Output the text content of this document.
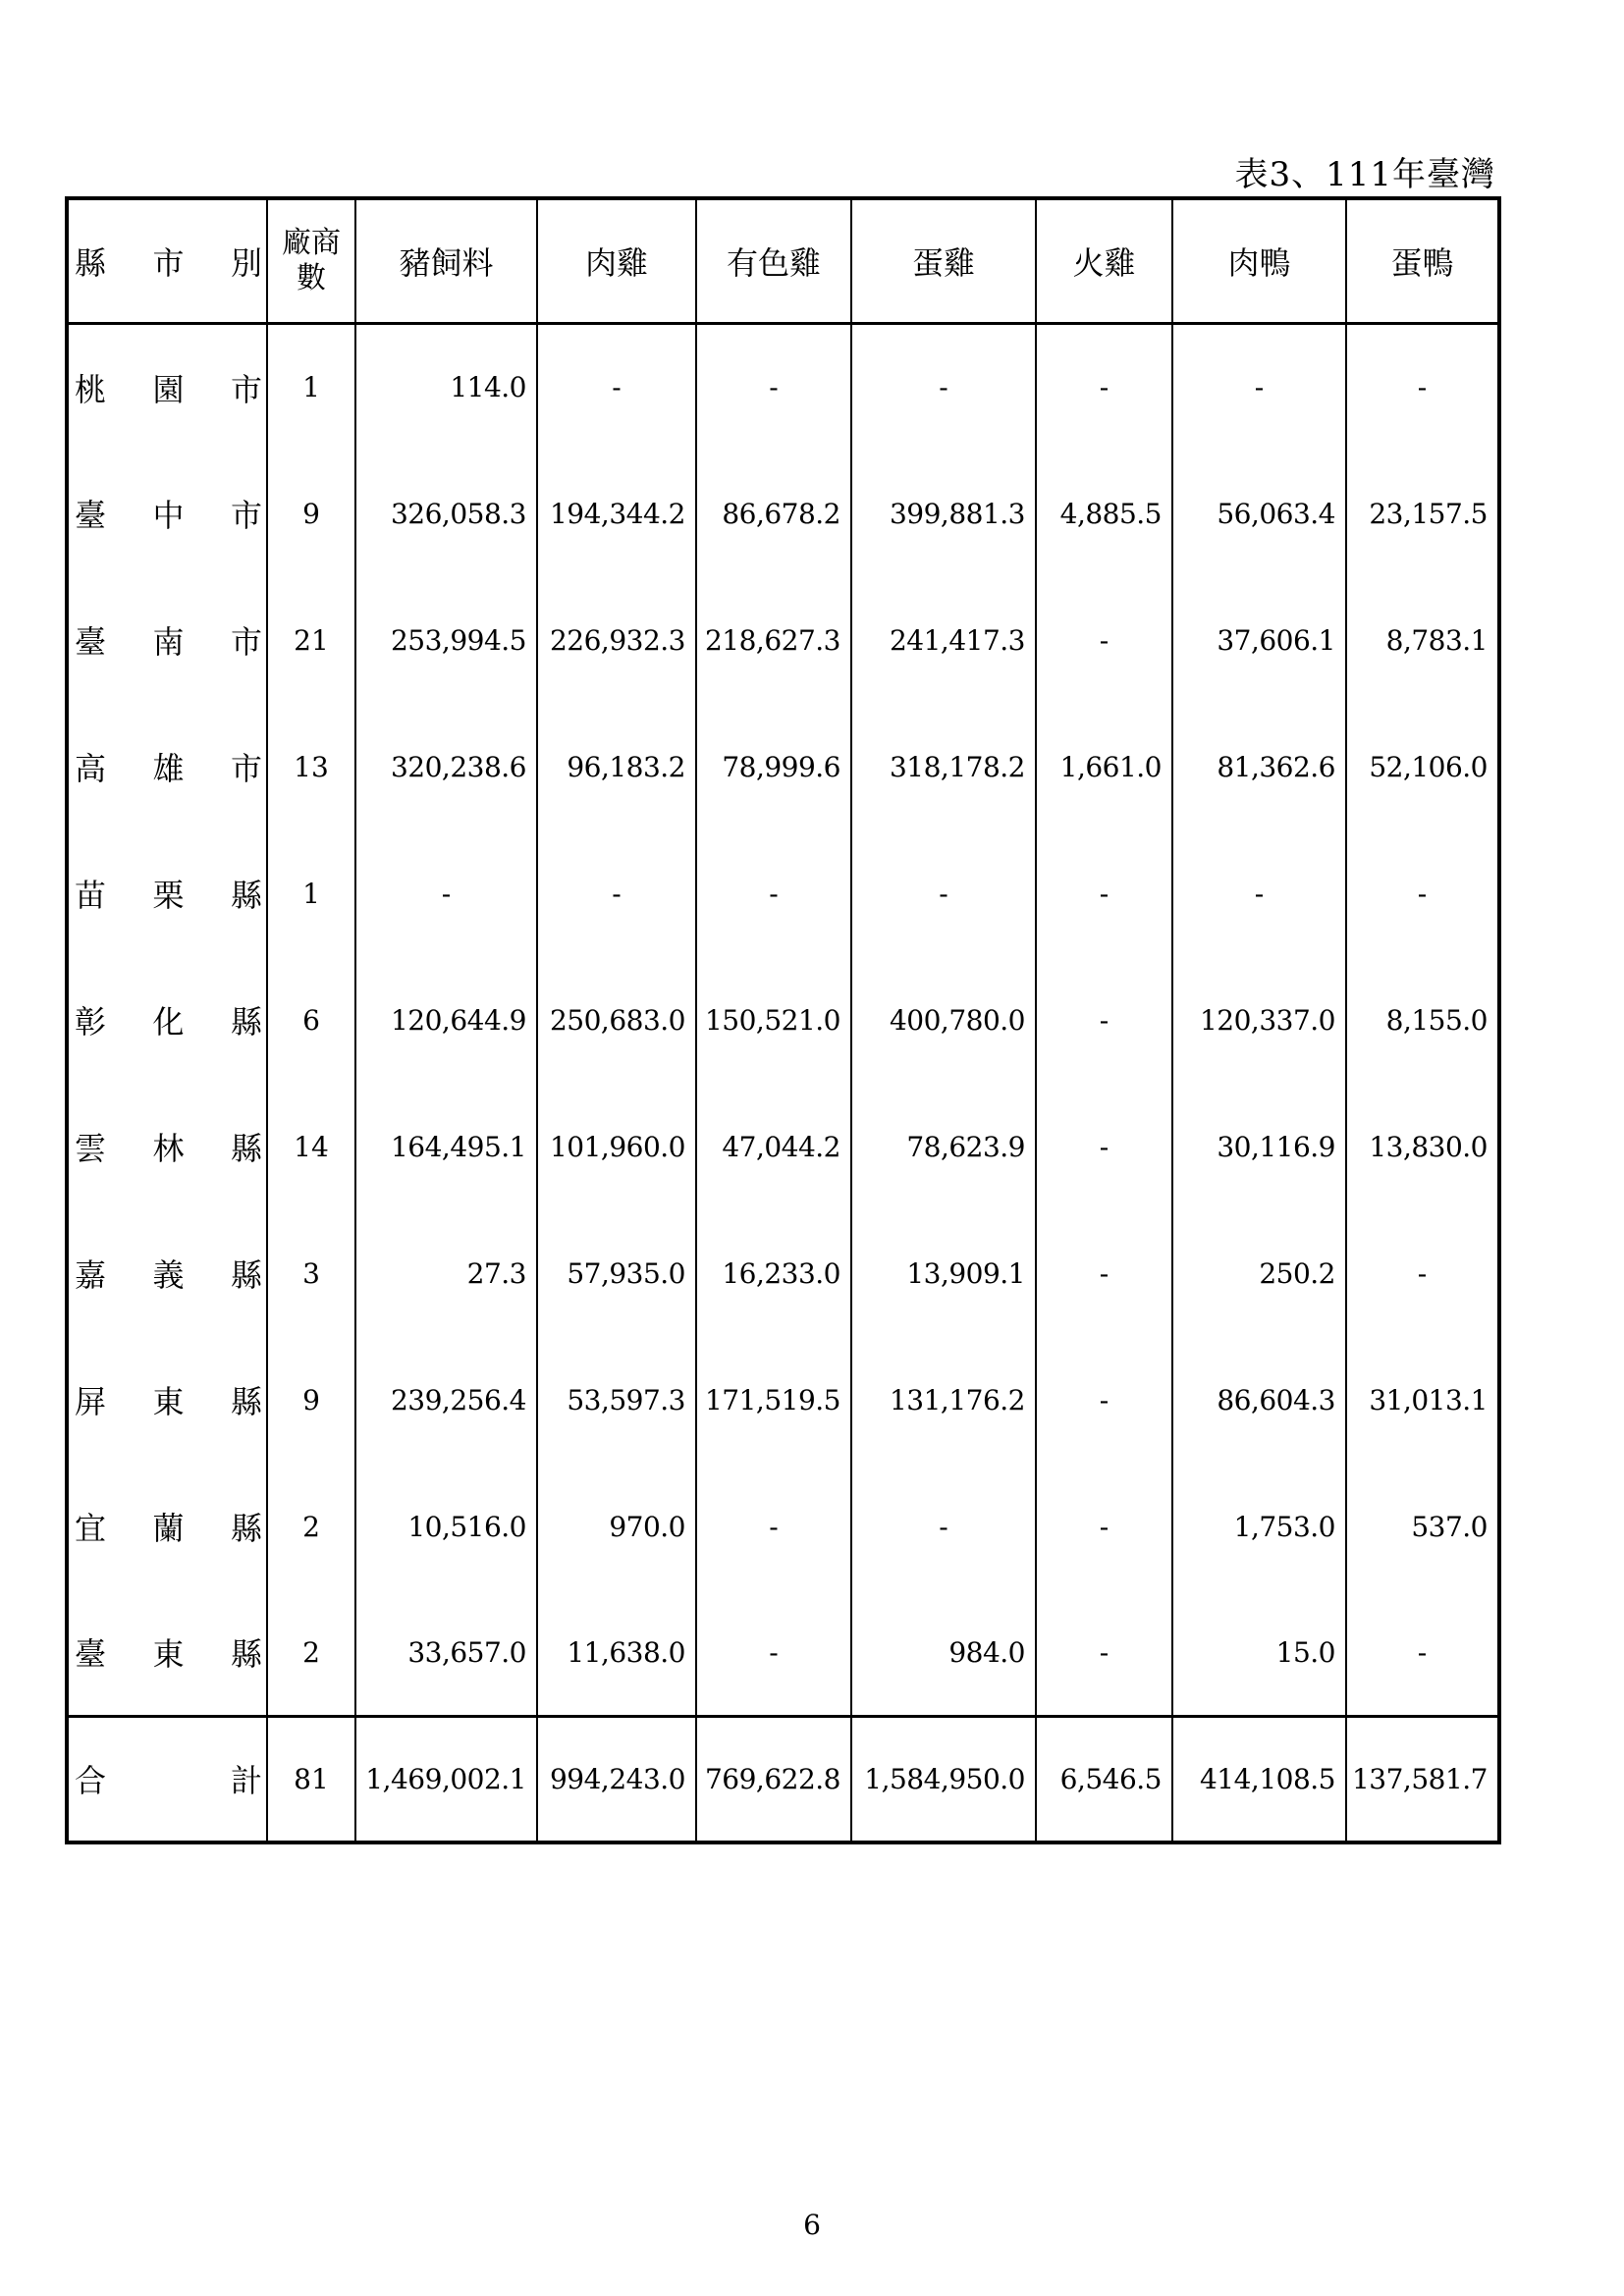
表3、111年臺灣
縣 市 別	廠商數	豬飼料	肉雞	有色雞	蛋雞	火雞	肉鴨	蛋鴨

桃 園 市	1	114.0	-	-	-	-	-	-

臺 中 市	9	326,058.3	194,344.2	86,678.2	399,881.3	4,885.5	56,063.4	23,157.5

臺 南 市	21	253,994.5	226,932.3	218,627.3	241,417.3	-	37,606.1	8,783.1

高 雄 市	13	320,238.6	96,183.2	78,999.6	318,178.2	1,661.0	81,362.6	52,106.0

苗 栗 縣	1	-	-	-	-	-	-	-

彰 化 縣	6	120,644.9	250,683.0	150,521.0	400,780.0	-	120,337.0	8,155.0

雲 林 縣	14	164,495.1	101,960.0	47,044.2	78,623.9	-	30,116.9	13,830.0

嘉 義 縣	3	27.3	57,935.0	16,233.0	13,909.1	-	250.2	-

屏 東 縣	9	239,256.4	53,597.3	171,519.5	131,176.2	-	86,604.3	31,013.1

宜 蘭 縣	2	10,516.0	970.0	-	-	-	1,753.0	537.0

臺 東 縣	2	33,657.0	11,638.0	-	984.0	-	15.0	-

合 計	81	1,469,002.1	994,243.0	769,622.8	1,584,950.0	6,546.5	414,108.5	137,581.7
6
